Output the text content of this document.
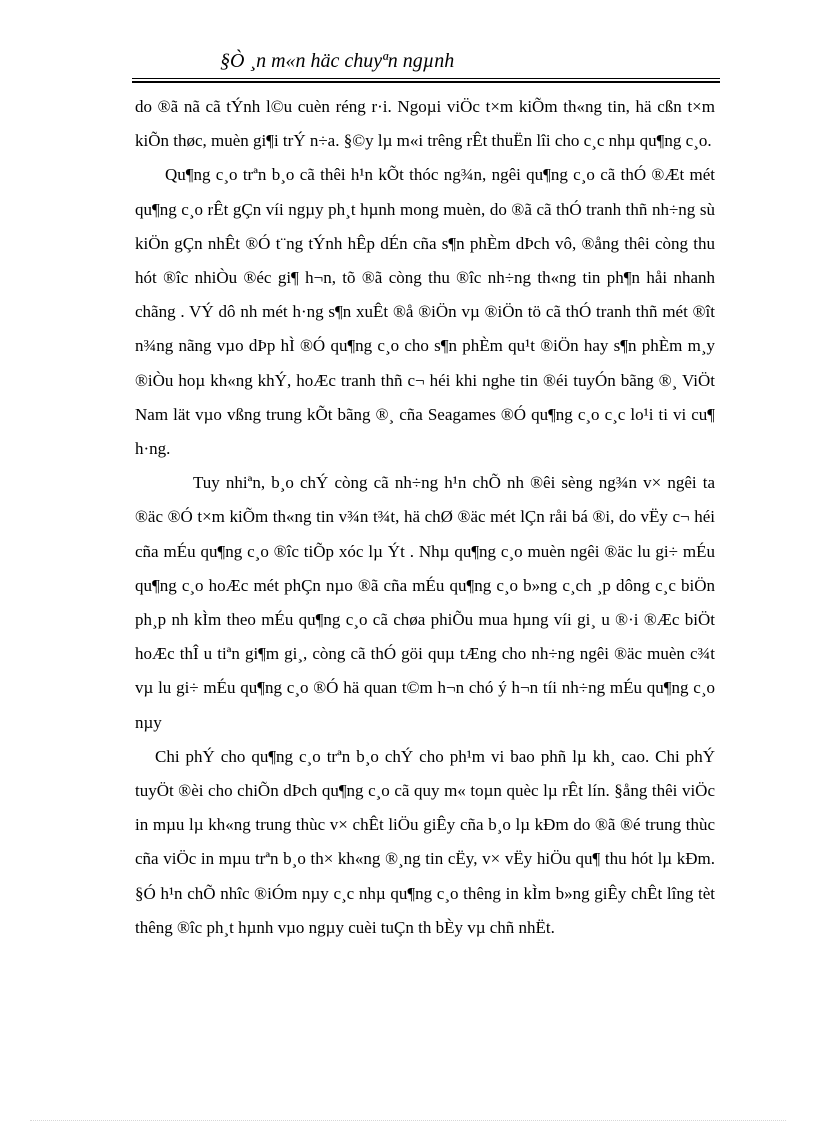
§Ò ¸n m«n häc chuyªn ngµnh

do ®ã nã cã tÝnh l©u cuèn réng r·i. Ngoµi viÖc t×m kiÕm th«ng tin, hä cßn t×m kiÕn thøc, muèn gi¶i trÝ n÷a. §©y lµ m«i trêng rÊt thuËn lîi cho c¸c nhµ qu¶ng c¸o.

Qu¶ng c¸o trªn b¸o cã thêi h¹n kÕt thóc ng¾n, ngêi qu¶ng c¸o cã thÓ ®Æt mét qu¶ng c¸o rÊt gÇn víi ngµy ph¸t hµnh mong muèn, do ®ã cã thÓ tranh thñ nh÷ng sù kiÖn gÇn nhÊt ®Ó t¨ng tÝnh hÊp dÉn cña s¶n phÈm dÞch vô, ®ång thêi còng thu hót ®îc nhiÒu ®éc gi¶ h¬n, tõ ®ã còng thu ®îc nh÷ng th«ng tin ph¶n håi nhanh chãng . VÝ dô nh mét h·ng s¶n xuÊt ®å ®iÖn vµ ®iÖn tö cã thÓ tranh thñ mét ®ît n¾ng nãng vµo dÞp hÌ ®Ó qu¶ng c¸o cho s¶n phÈm qu¹t ®iÖn hay s¶n phÈm m¸y ®iÒu hoµ kh«ng khÝ, hoÆc tranh thñ c¬ héi khi nghe tin ®éi tuyÓn bãng ®¸ ViÖt Nam lät vµo vßng trung kÕt bãng ®¸ cña Seagames ®Ó qu¶ng c¸o c¸c lo¹i ti vi cu¶ h·ng.

Tuy nhiªn, b¸o chÝ còng cã nh÷ng h¹n chÕ nh ®êi sèng ng¾n v× ngêi ta ®äc ®Ó t×m kiÕm th«ng tin v¾n t¾t, hä chØ ®äc mét lÇn råi bá ®i, do vËy c¬ héi cña mÉu qu¶ng c¸o ®îc tiÕp xóc lµ Ýt . Nhµ qu¶ng c¸o muèn ngêi ®äc lu gi÷ mÉu qu¶ng c¸o hoÆc mét phÇn nµo ®ã cña mÉu qu¶ng c¸o b»ng c¸ch ¸p dông c¸c biÖn ph¸p nh kÌm theo mÉu qu¶ng c¸o cã chøa phiÕu mua hµng víi gi¸ u ®·i ®Æc biÖt hoÆc thÎ u tiªn gi¶m gi¸, còng cã thÓ göi quµ tÆng cho nh÷ng ngêi ®äc muèn c¾t vµ lu gi÷ mÉu qu¶ng c¸o ®Ó hä quan t©m h¬n chó ý h¬n tíi nh÷ng mÉu qu¶ng c¸o nµy

Chi phÝ cho qu¶ng c¸o trªn b¸o chÝ cho ph¹m vi bao phñ lµ kh¸ cao. Chi phÝ tuyÖt ®èi cho chiÕn dÞch qu¶ng c¸o cã quy m« toµn quèc lµ rÊt lín. §ång thêi viÖc in mµu lµ kh«ng trung thùc v× chÊt liÖu giÊy cña b¸o lµ kÐm do ®ã ®é trung thùc cña viÖc in mµu trªn b¸o th× kh«ng ®¸ng tin cËy, v× vËy hiÖu qu¶ thu hót lµ kÐm. §Ó h¹n chÕ nhîc ®iÓm nµy c¸c nhµ qu¶ng c¸o thêng in kÌm b»ng giÊy chÊt lîng tèt thêng ®îc ph¸t hµnh vµo ngµy cuèi tuÇn th bÈy vµ chñ nhËt.
